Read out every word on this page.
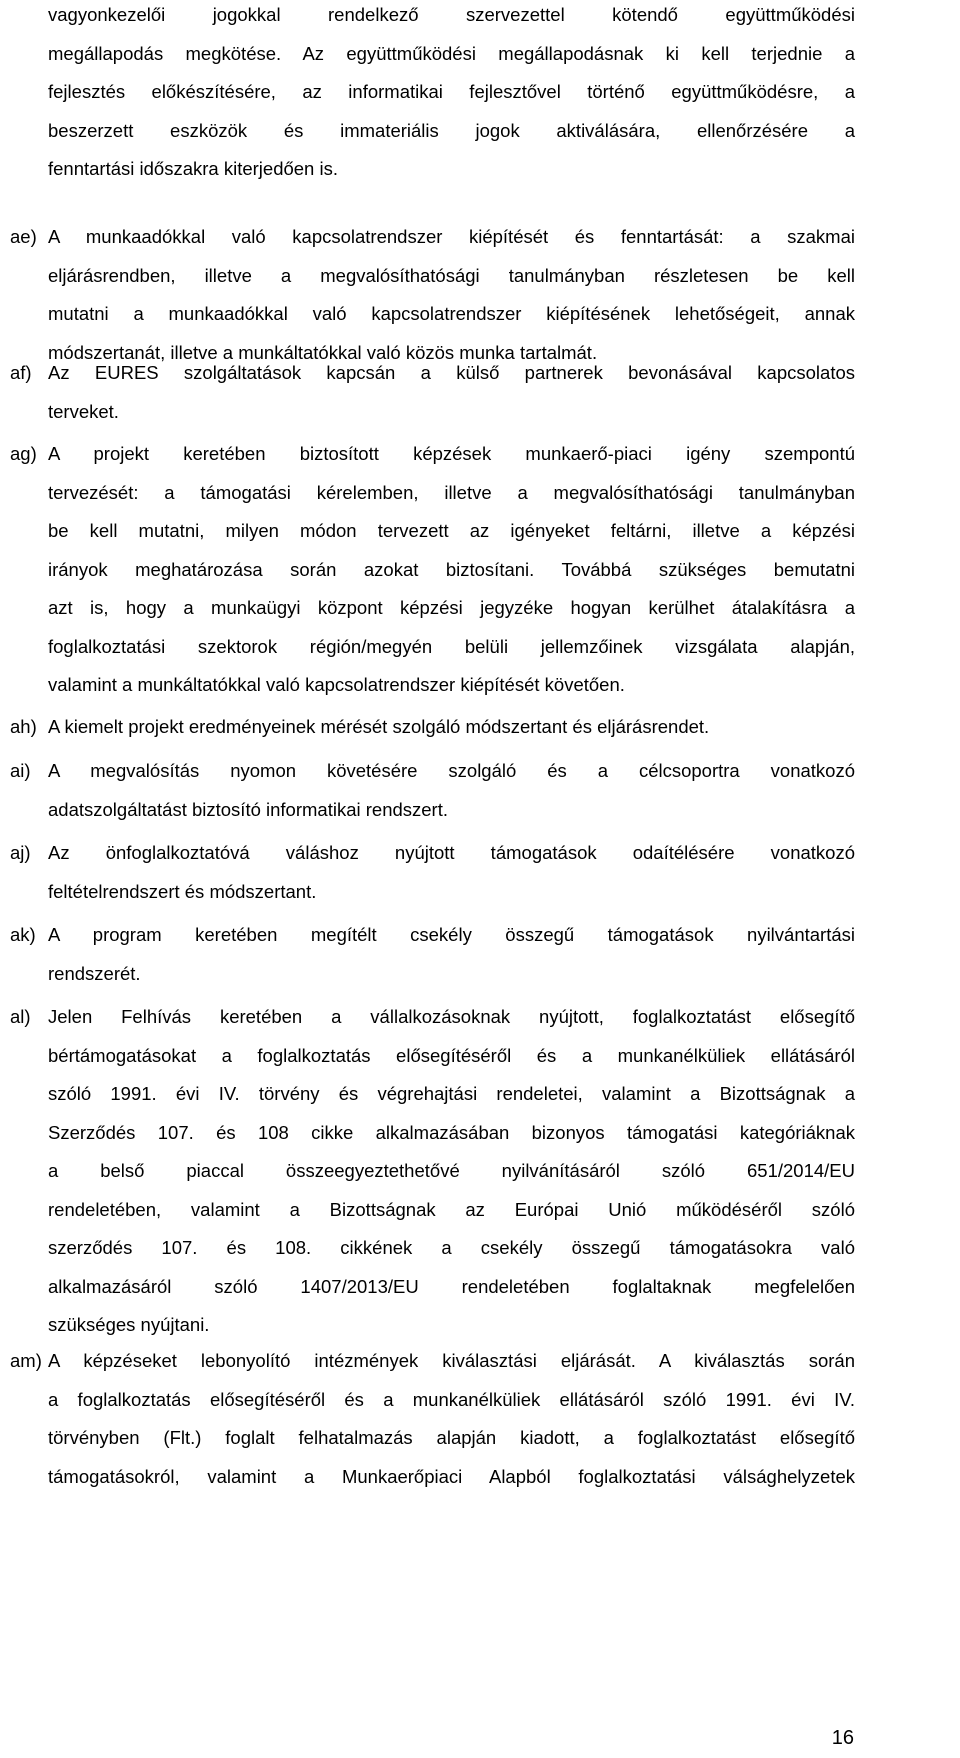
vagyonkezelői jogokkal rendelkező szervezettel kötendő együttműködési
megállapodás megkötése. Az együttműködési megállapodásnak ki kell terjednie a
fejlesztés előkészítésére, az informatikai fejlesztővel történő együttműködésre, a
beszerzett eszközök és immateriális jogok aktiválására, ellenőrzésére a
fenntartási időszakra kiterjedően is.
ae) A munkaadókkal való kapcsolatrendszer kiépítését és fenntartását: a szakmai
eljárásrendben, illetve a megvalósíthatósági tanulmányban részletesen be kell
mutatni a munkaadókkal való kapcsolatrendszer kiépítésének lehetőségeit, annak
módszertanát, illetve a munkáltatókkal való közös munka tartalmát.
af) Az EURES szolgáltatások kapcsán a külső partnerek bevonásával kapcsolatos
terveket.
ag) A projekt keretében biztosított képzések munkaerő-piaci igény szempontú
tervezését: a támogatási kérelemben, illetve a megvalósíthatósági tanulmányban
be kell mutatni, milyen módon tervezett az igényeket feltárni, illetve a képzési
irányok meghatározása során azokat biztosítani. Továbbá szükséges bemutatni
azt is, hogy a munkaügyi központ képzési jegyzéke hogyan kerülhet átalakításra a
foglalkoztatási szektorok régión/megyén belüli jellemzőinek vizsgálata alapján,
valamint a munkáltatókkal való kapcsolatrendszer kiépítését követően.
ah) A kiemelt projekt eredményeinek mérését szolgáló módszertant és eljárásrendet.
ai) A megvalósítás nyomon követésére szolgáló és a célcsoportra vonatkozó
adatszolgáltatást biztosító informatikai rendszert.
aj) Az önfoglalkoztatóvá váláshoz nyújtott támogatások odaítélésére vonatkozó
feltételrendszert és módszertant.
ak) A program keretében megítélt csekély összegű támogatások nyilvántartási
rendszerét.
al) Jelen Felhívás keretében a vállalkozásoknak nyújtott, foglalkoztatást elősegítő
bértámogatásokat a foglalkoztatás elősegítéséről és a munkanélküliek ellátásáról
szóló 1991. évi IV. törvény és végrehajtási rendeletei, valamint a Bizottságnak a
Szerződés 107. és 108 cikke alkalmazásában bizonyos támogatási kategóriáknak
a belső piaccal összeegyeztethetővé nyilvánításáról szóló 651/2014/EU
rendeletében, valamint a Bizottságnak az Európai Unió működéséről szóló
szerződés 107. és 108. cikkének a csekély összegű támogatásokra való
alkalmazásáról szóló 1407/2013/EU rendeletében foglaltaknak megfelelően
szükséges nyújtani.
am) A képzéseket lebonyolító intézmények kiválasztási eljárását. A kiválasztás során
a foglalkoztatás elősegítéséről és a munkanélküliek ellátásáról szóló 1991. évi IV.
törvényben (Flt.) foglalt felhatalmazás alapján kiadott, a foglalkoztatást elősegítő
támogatásokról, valamint a Munkaerőpiaci Alapból foglalkoztatási válsághelyzetek
16
